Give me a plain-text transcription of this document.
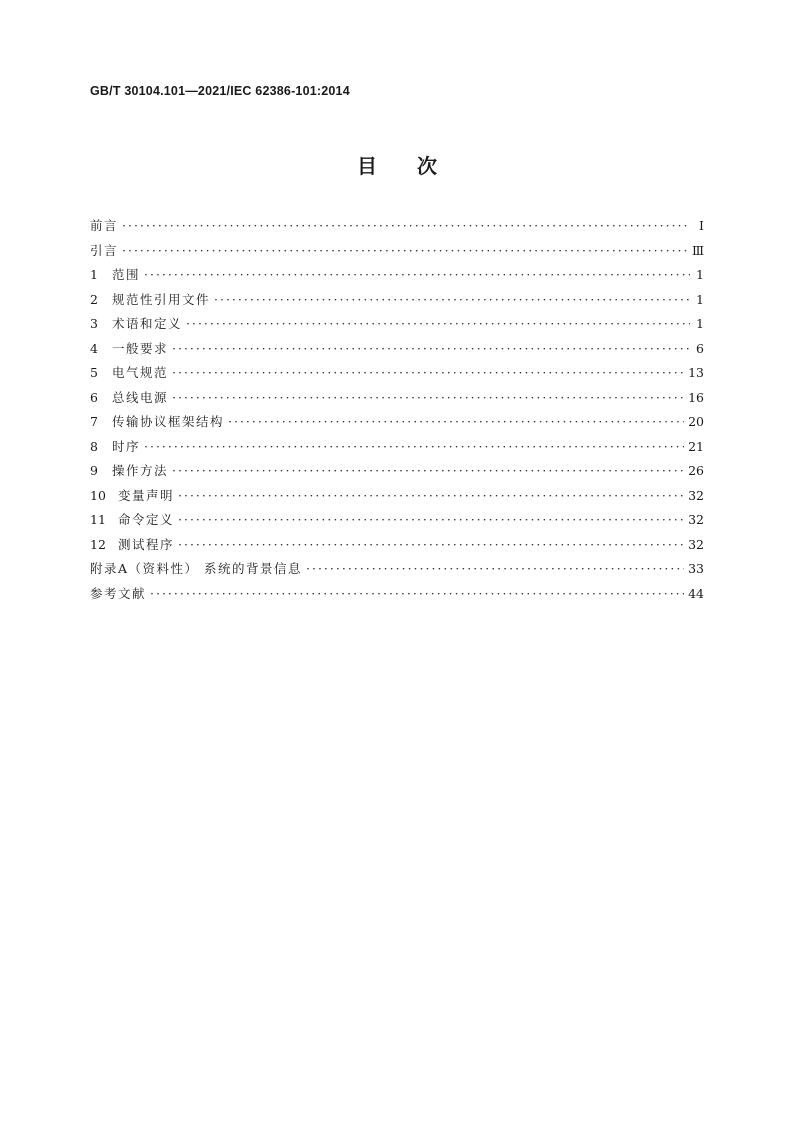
GB/T 30104.101—2021/IEC 62386-101:2014
目次
前言 ·····	Ⅰ
引言 ·····	Ⅲ
1	范围 ·····	1
2	规范性引用文件 ·····	1
3	术语和定义 ·····	1
4	一般要求 ·····	6
5	电气规范 ·····	13
6	总线电源 ·····	16
7	传输协议框架结构 ·····	20
8	时序 ·····	21
9	操作方法 ·····	26
10 变量声明 ·····	32
11 命令定义 ·····	32
12 测试程序 ·····	32
附录A（资料性） 系统的背景信息 ·····	33
参考文献 ·····	44
